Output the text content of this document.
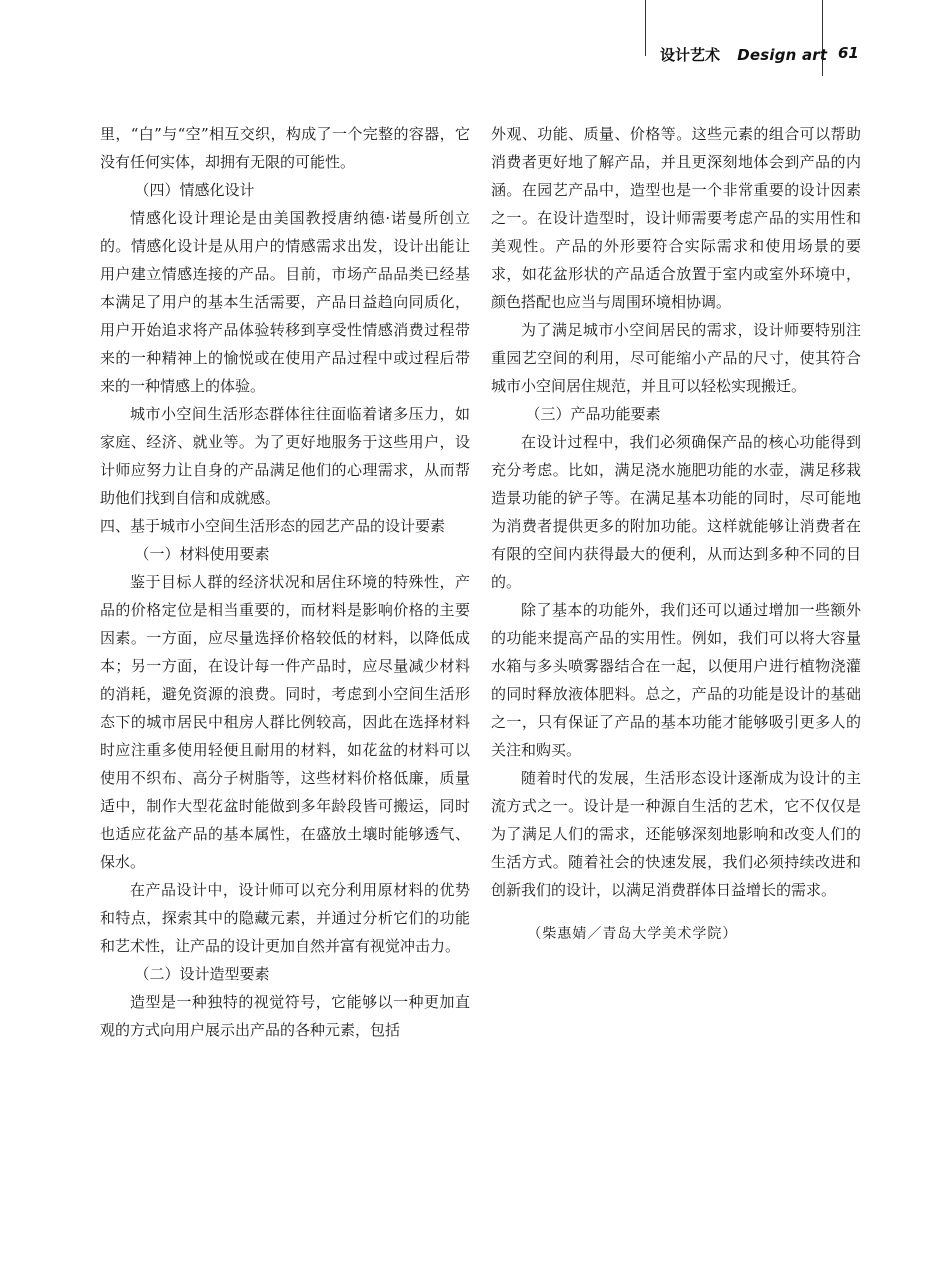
设计艺术 Design art 61

里，“白”与“空”相互交织，构成了一个完整的容器，它没有任何实体，却拥有无限的可能性。

（四）情感化设计

情感化设计理论是由美国教授唐纳德·诺曼所创立的。情感化设计是从用户的情感需求出发，设计出能让用户建立情感连接的产品。目前，市场产品品类已经基本满足了用户的基本生活需要，产品日益趋向同质化，用户开始追求将产品体验转移到享受性情感消费过程带来的一种精神上的愉悦或在使用产品过程中或过程后带来的一种情感上的体验。

城市小空间生活形态群体往往面临着诸多压力，如家庭、经济、就业等。为了更好地服务于这些用户，设计师应努力让自身的产品满足他们的心理需求，从而帮助他们找到自信和成就感。

四、基于城市小空间生活形态的园艺产品的设计要素

（一）材料使用要素

鉴于目标人群的经济状况和居住环境的特殊性，产品的价格定位是相当重要的，而材料是影响价格的主要因素。一方面，应尽量选择价格较低的材料，以降低成本；另一方面，在设计每一件产品时，应尽量减少材料的消耗，避免资源的浪费。同时，考虑到小空间生活形态下的城市居民中租房人群比例较高，因此在选择材料时应注重多使用轻便且耐用的材料，如花盆的材料可以使用不织布、高分子树脂等，这些材料价格低廉，质量适中，制作大型花盆时能做到多年龄段皆可搬运，同时也适应花盆产品的基本属性，在盛放土壤时能够透气、保水。

在产品设计中，设计师可以充分利用原材料的优势和特点，探索其中的隐藏元素，并通过分析它们的功能和艺术性，让产品的设计更加自然并富有视觉冲击力。

（二）设计造型要素

造型是一种独特的视觉符号，它能够以一种更加直观的方式向用户展示出产品的各种元素，包括

外观、功能、质量、价格等。这些元素的组合可以帮助消费者更好地了解产品，并且更深刻地体会到产品的内涵。在园艺产品中，造型也是一个非常重要的设计因素之一。在设计造型时，设计师需要考虑产品的实用性和美观性。产品的外形要符合实际需求和使用场景的要求，如花盆形状的产品适合放置于室内或室外环境中，颜色搭配也应当与周围环境相协调。

为了满足城市小空间居民的需求，设计师要特别注重园艺空间的利用，尽可能缩小产品的尺寸，使其符合城市小空间居住规范，并且可以轻松实现搬迁。

（三）产品功能要素

在设计过程中，我们必须确保产品的核心功能得到充分考虑。比如，满足浇水施肥功能的水壶，满足移栽造景功能的铲子等。在满足基本功能的同时，尽可能地为消费者提供更多的附加功能。这样就能够让消费者在有限的空间内获得最大的便利，从而达到多种不同的目的。

除了基本的功能外，我们还可以通过增加一些额外的功能来提高产品的实用性。例如，我们可以将大容量水箱与多头喷雾器结合在一起，以便用户进行植物浇灌的同时释放液体肥料。总之，产品的功能是设计的基础之一，只有保证了产品的基本功能才能够吸引更多人的关注和购买。

随着时代的发展，生活形态设计逐渐成为设计的主流方式之一。设计是一种源自生活的艺术，它不仅仅是为了满足人们的需求，还能够深刻地影响和改变人们的生活方式。随着社会的快速发展，我们必须持续改进和创新我们的设计，以满足消费群体日益增长的需求。

（柴惠婧／青岛大学美术学院）
